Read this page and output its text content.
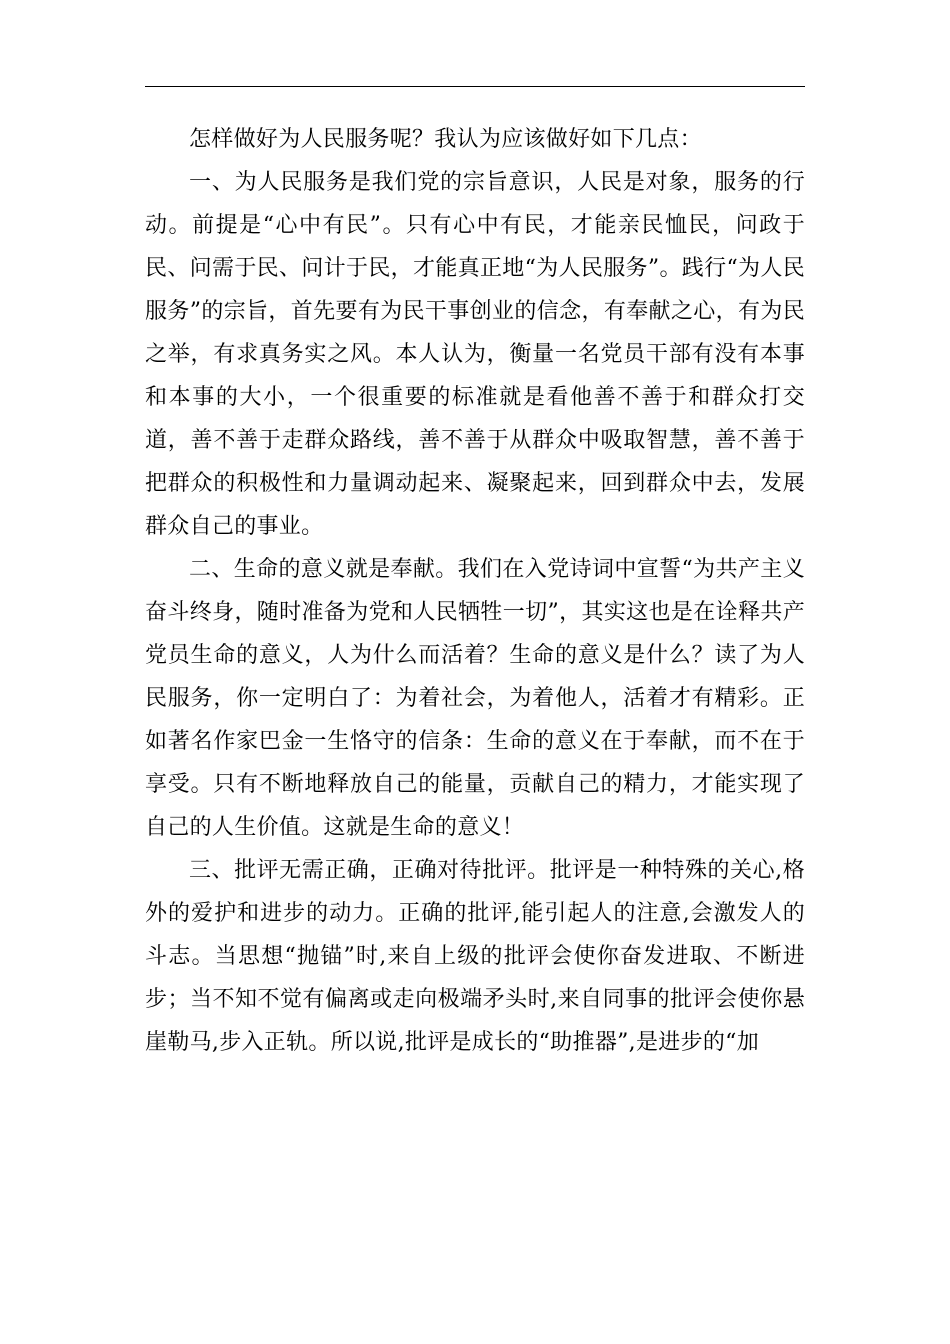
怎样做好为人民服务呢？我认为应该做好如下几点：

一、为人民服务是我们党的宗旨意识，人民是对象，服务的行动。前提是“心中有民”。只有心中有民，才能亲民恤民，问政于民、问需于民、问计于民，才能真正地“为人民服务”。践行“为人民服务”的宗旨，首先要有为民干事创业的信念，有奉献之心，有为民之举，有求真务实之风。本人认为，衡量一名党员干部有没有本事和本事的大小，一个很重要的标准就是看他善不善于和群众打交道，善不善于走群众路线，善不善于从群众中吸取智慧，善不善于把群众的积极性和力量调动起来、凝聚起来，回到群众中去，发展群众自己的事业。

二、生命的意义就是奉献。我们在入党诗词中宣誓“为共产主义奋斗终身，随时准备为党和人民牺牲一切”，其实这也是在诠释共产党员生命的意义，人为什么而活着？生命的意义是什么？读了为人民服务，你一定明白了：为着社会，为着他人，活着才有精彩。正如著名作家巴金一生恪守的信条：生命的意义在于奉献，而不在于享受。只有不断地释放自己的能量，贡献自己的精力，才能实现了自己的人生价值。这就是生命的意义！

三、批评无需正确，正确对待批评。批评是一种特殊的关心,格外的爱护和进步的动力。正确的批评,能引起人的注意,会激发人的斗志。当思想“抛锚”时,来自上级的批评会使你奋发进取、不断进步；当不知不觉有偏离或走向极端矛头时,来自同事的批评会使你悬崖勒马,步入正轨。所以说,批评是成长的“助推器”,是进步的“加
